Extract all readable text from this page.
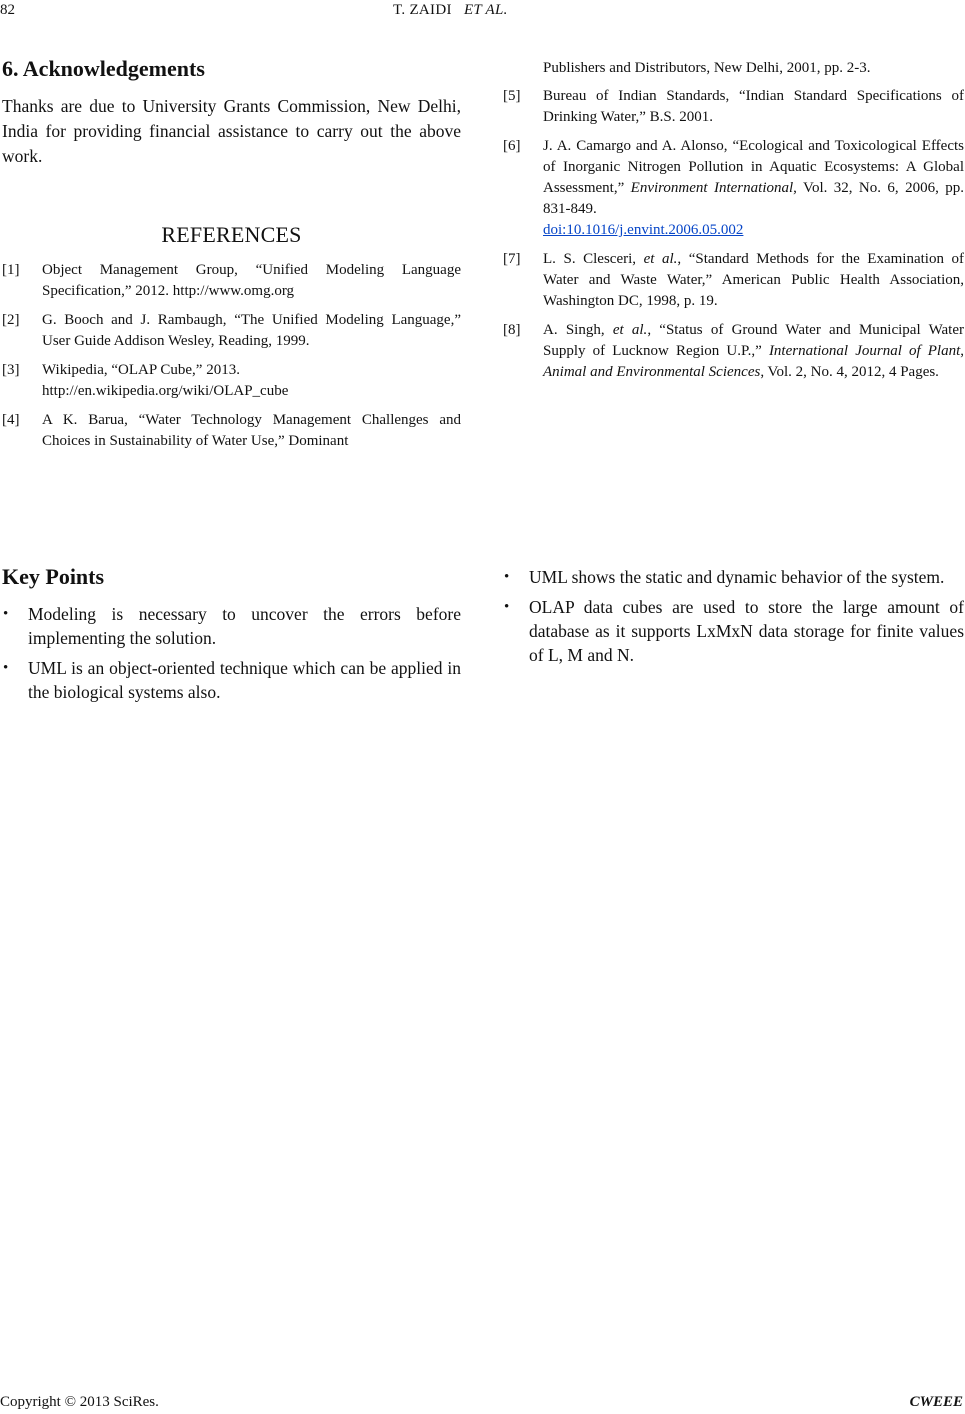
82	T. ZAIDI ET AL.
6. Acknowledgements

Thanks are due to University Grants Commission, New Delhi, India for providing financial assistance to carry out the above work.

REFERENCES
[1] Object Management Group, “Unified Modeling Language Specification,” 2012. http://www.omg.org
[2] G. Booch and J. Rambaugh, “The Unified Modeling Language,” User Guide Addison Wesley, Reading, 1999.
[3] Wikipedia, “OLAP Cube,” 2013.
http://en.wikipedia.org/wiki/OLAP_cube
[4] A K. Barua, “Water Technology Management Challenges and Choices in Sustainability of Water Use,” Dominant
Publishers and Distributors, New Delhi, 2001, pp. 2-3.
[5] Bureau of Indian Standards, “Indian Standard Specifications of Drinking Water,” B.S. 2001.
[6] J. A. Camargo and A. Alonso, “Ecological and Toxicological Effects of Inorganic Nitrogen Pollution in Aquatic Ecosystems: A Global Assessment,” Environment International, Vol. 32, No. 6, 2006, pp. 831-849.
doi:10.1016/j.envint.2006.05.002
[7] L. S. Clesceri, et al., “Standard Methods for the Examination of Water and Waste Water,” American Public Health Association, Washington DC, 1998, p. 19.
[8] A. Singh, et al., “Status of Ground Water and Municipal Water Supply of Lucknow Region U.P.,” International Journal of Plant, Animal and Environmental Sciences, Vol. 2, No. 4, 2012, 4 Pages.
Key Points
• Modeling is necessary to uncover the errors before implementing the solution.
• UML is an object-oriented technique which can be applied in the biological systems also.
• UML shows the static and dynamic behavior of the system.
• OLAP data cubes are used to store the large amount of database as it supports LxMxN data storage for finite values of L, M and N.
Copyright © 2013 SciRes.	CWEEE
